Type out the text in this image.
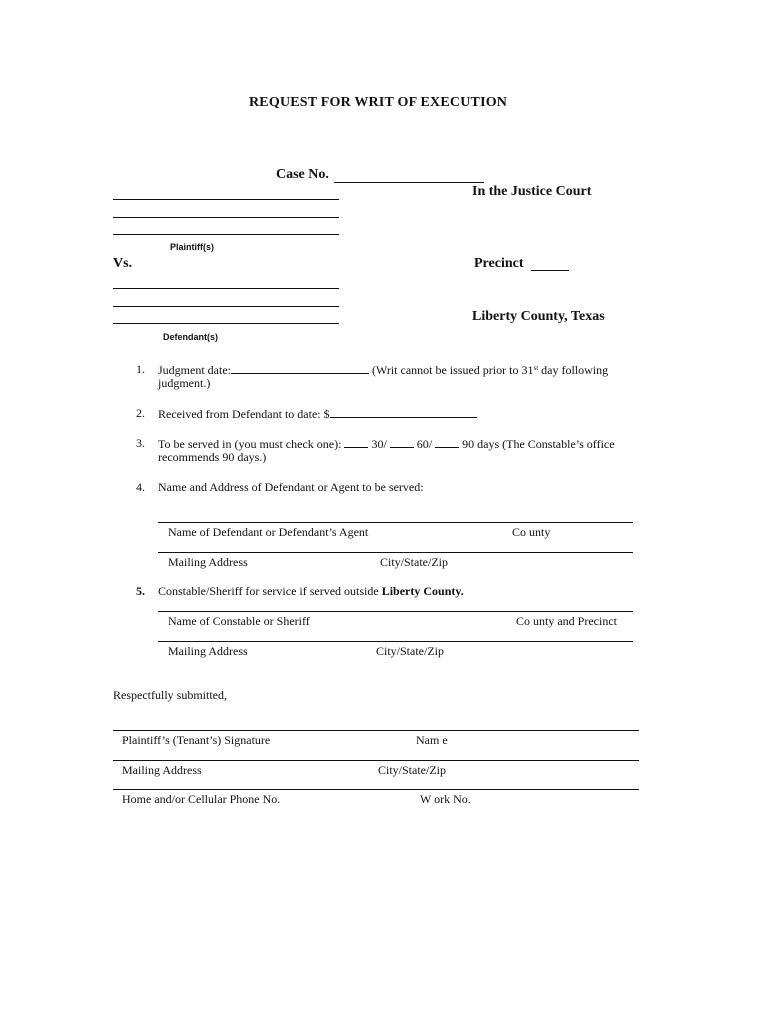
REQUEST FOR WRIT OF EXECUTION
Case No.
In the Justice Court
Plaintiff(s)
Vs.	Precinct
Liberty County, Texas
Defendant(s)
1. Judgment date:	(Writ cannot be issued prior to 31st day following
judgment.)
2. Received from Defendant to date: $
3. To be served in (you must check one):  30/  60/  90 days (The Constable’s office
recommends 90 days.)
4. Name and Address of Defendant or Agent to be served:
Name of Defendant or Defendant’s Agent	Co unty
Mailing Address	City/State/Zip
5. Constable/Sheriff for service if served outside Liberty County.
Name of Constable or Sheriff	Co unty and Precinct
Mailing Address	City/State/Zip
Respectfully submitted,
Plaintiff’s (Tenant’s) Signature	Nam e
Mailing Address	City/State/Zip
Home and/or Cellular Phone No.	W ork No.
